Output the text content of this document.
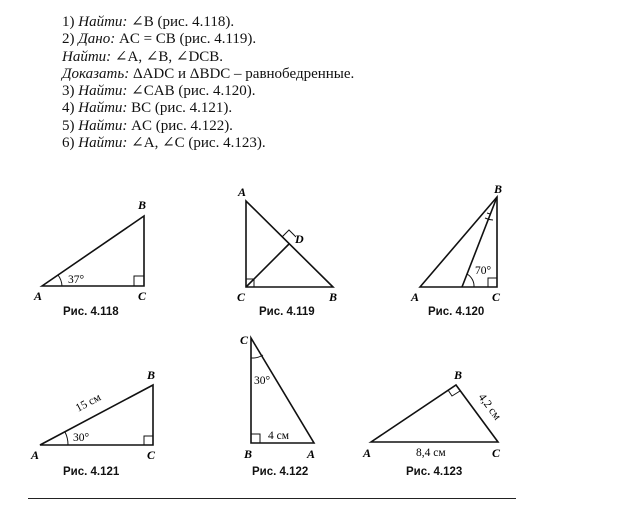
1) Найти: ∠B (рис. 4.118).
2) Дано: AC = CB (рис. 4.119).
Найти: ∠A, ∠B, ∠DCB.
Доказать: ΔADC и ΔBDC – равнобедренные.
3) Найти: ∠CAB (рис. 4.120).
4) Найти: BC (рис. 4.121).
5) Найти: AC (рис. 4.122).
6) Найти: ∠A, ∠C (рис. 4.123).
A
B
C
37°
A
B
C
D
A
B
C
70°
A
B
C
30°
15 см
C
B	A
30°
4 см
A
B
C
8,4 см
4,2 см
Рис. 4.118	Рис. 4.119	Рис. 4.120
Рис. 4.121	Рис. 4.122	Рис. 4.123
